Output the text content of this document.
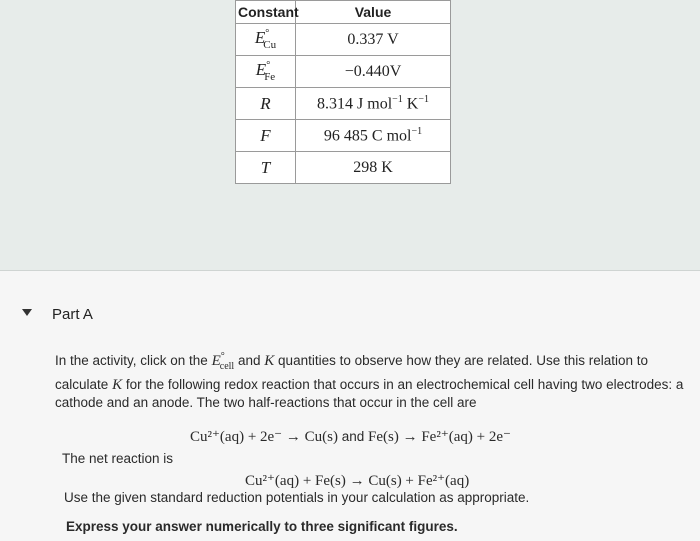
Constant	Value
$E^\circ_{Cu}$	0.337 V
$E^\circ_{Fe}$	−0.440V
R	8.314 J mol$^{-1}$ $K^{-1}$
F	96 485 C mol$^{-1}$
T	298 K
Part A
In the activity, click on the $E^\circ_{cell}$ and K quantities to observe how they are related. Use this relation to calculate K for the following redox reaction that occurs in an electrochemical cell having two electrodes: a cathode and an anode. The two half-reactions that occur in the cell are
Cu²⁺(aq) + 2e⁻ → Cu(s) and Fe(s) → Fe²⁺(aq) + 2e⁻
The net reaction is
Cu²⁺(aq) + Fe(s) → Cu(s) + Fe²⁺(aq)
Use the given standard reduction potentials in your calculation as appropriate.
Express your answer numerically to three significant figures.
